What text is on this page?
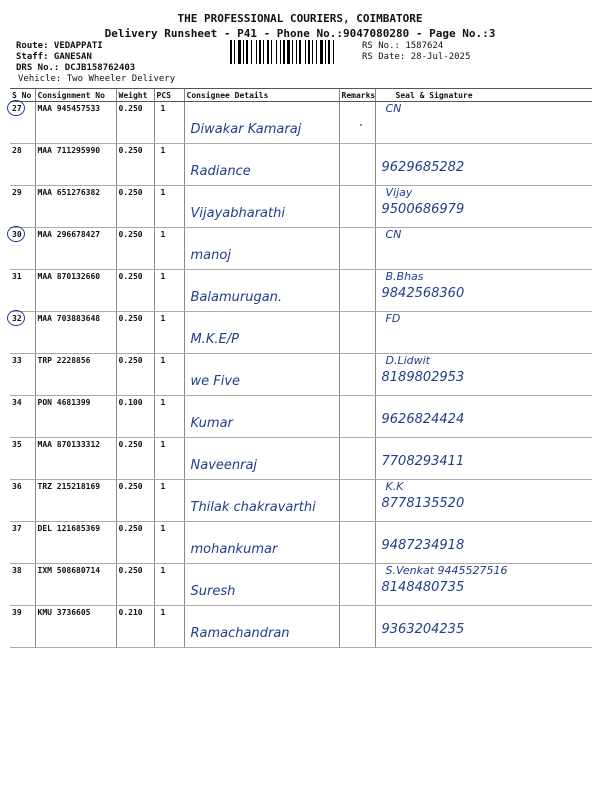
THE PROFESSIONAL COURIERS, COIMBATORE
Delivery Runsheet - P41 - Phone No.:9047080280 - Page No.:3
Route: VEDAPPATI
Staff: GANESAN
DRS No.: DCJB158762403
Vehicle: Two Wheeler Delivery
RS No.: 1587624
RS Date: 28-Jul-2025
S No	Consignment No	Weight	PCS	Consignee Details	Remarks	Seal & Signature

27	MAA 945457533	0.250	1	Diwakar Kamaraj		CN

28	MAA 711295990	0.250	1	Radiance		9629685282

29	MAA 651276382	0.250	1	Vijayabharathi		Vijay
9500686979

30	MAA 296678427	0.250	1	manoj		CN

31	MAA 870132660	0.250	1	Balamurugan.		B.Bhas
9842568360

32	MAA 703883648	0.250	1	M.K.E/P		FD

33	TRP 2228856	0.250	1	we Five		D.Lidwit
8189802953

34	PON 4681399	0.100	1	Kumar		9626824424

35	MAA 870133312	0.250	1	Naveenraj		7708293411

36	TRZ 215218169	0.250	1	Thilak chakravarthi		K.K
8778135520

37	DEL 121685369	0.250	1	mohankumar		9487234918

38	IXM 508680714	0.250	1	Suresh		S.Venkat 9445527516
8148480735

39	KMU 3736605	0.210	1	Ramachandran		9363204235
